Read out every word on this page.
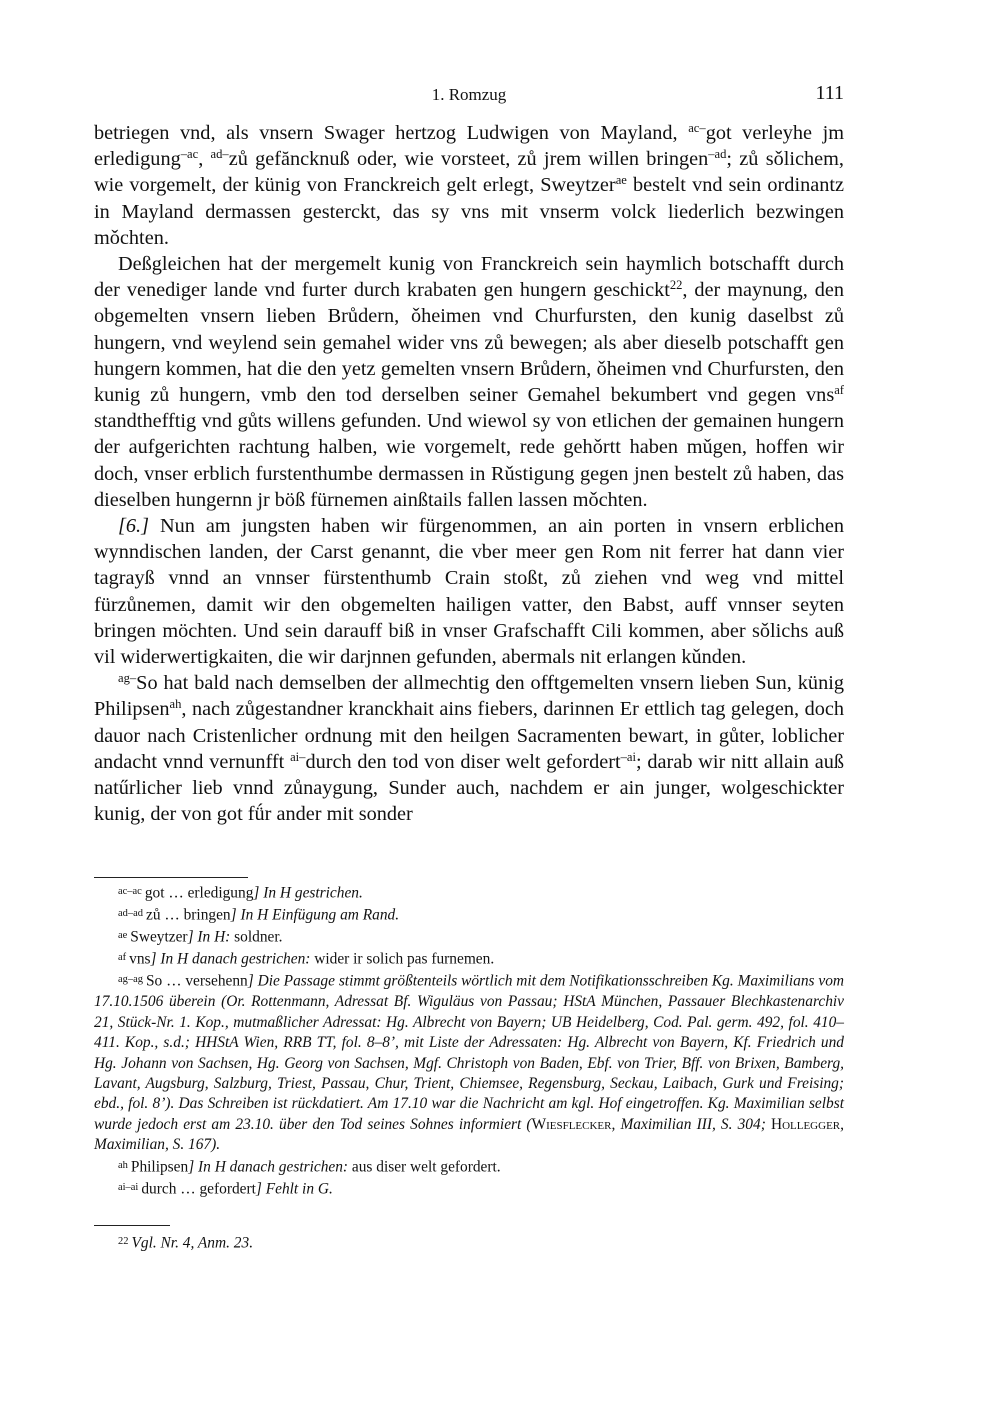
1. Romzug	111

betriegen vnd, als vnsern Swager hertzog Ludwigen von Mayland, $^{ac-}$got verleyhe jm erledigung$^{-ac}$, $^{ad-}$zů gefăncknuß oder, wie vorsteet, zů jrem willen bringen$^{-ad}$; zů sǒlichem, wie vorgemelt, der künig von Franckreich gelt erlegt, Sweytzer$^{ae}$ bestelt vnd sein ordinantz in Mayland dermassen gesterckt, das sy vns mit vnserm volck liederlich bezwingen mǒchten.

Deßgleichen hat der mergemelt kunig von Franckreich sein haymlich botschafft durch der venediger lande vnd furter durch krabaten gen hungern geschickt$^{22}$, der maynung, den obgemelten vnsern lieben Brůdern, ǒheimen vnd Churfursten, den kunig daselbst zů hungern, vnd weylend sein gemahel wider vns zů bewegen; als aber dieselb potschafft gen hungern kommen, hat die den yetz gemelten vnsern Brůdern, ǒheimen vnd Churfursten, den kunig zů hungern, vmb den tod derselben seiner Gemahel bekumbert vnd gegen vns$^{af}$ standthefftig vnd gůts willens gefunden. Und wiewol sy von etlichen der gemainen hungern der aufgerichten rachtung halben, wie vorgemelt, rede gehǒrtt haben mǔgen, hoffen wir doch, vnser erblich furstenthumbe dermassen in Rǔstigung gegen jnen bestelt zů haben, das dieselben hungernn jr böß fürnemen ainßtails fallen lassen mǒchten.

[6.] Nun am jungsten haben wir fürgenommen, an ain porten in vnsern erblichen wynndischen landen, der Carst genannt, die vber meer gen Rom nit ferrer hat dann vier tagrayß vnnd an vnnser fürstenthumb Crain stoßt, zů ziehen vnd weg vnd mittel fürzůnemen, damit wir den obgemelten hailigen vatter, den Babst, auff vnnser seyten bringen möchten. Und sein darauff biß in vnser Grafschafft Cili kommen, aber sǒlichs auß vil widerwertigkaiten, die wir darjnnen gefunden, abermals nit erlangen kǔnden.

$^{ag-}$So hat bald nach demselben der allmechtig den offtgemelten vnsern lieben Sun, künig Philipsen$^{ah}$, nach zůgestandner kranckhait ains fiebers, darinnen Er ettlich tag gelegen, doch dauor nach Cristenlicher ordnung mit den heilgen Sacramenten bewart, in gůter, loblicher andacht vnnd vernunfft $^{ai-}$durch den tod von diser welt gefordert$^{-ai}$; darab wir nitt allain auß natűrlicher lieb vnnd zůnaygung, Sunder auch, nachdem er ain junger, wolgeschickter kunig, der von got fǘr ander mit sonder

$^{ac-ac}$ got … erledigung] In H gestrichen.

$^{ad-ad}$ zů … bringen] In H Einfügung am Rand.

$^{ae}$ Sweytzer] In H: soldner.

$^{af}$ vns] In H danach gestrichen: wider ir solich pas furnemen.

$^{ag-ag}$ So … versehenn] Die Passage stimmt größtenteils wörtlich mit dem Notifikationsschreiben Kg. Maximilians vom 17.10.1506 überein (Or. Rottenmann, Adressat Bf. Wiguläus von Passau; HStA München, Passauer Blechkastenarchiv 21, Stück-Nr. 1. Kop., mutmaßlicher Adressat: Hg. Albrecht von Bayern; UB Heidelberg, Cod. Pal. germ. 492, fol. 410–411. Kop., s.d.; HHStA Wien, RRB TT, fol. 8–8’, mit Liste der Adressaten: Hg. Albrecht von Bayern, Kf. Friedrich und Hg. Johann von Sachsen, Hg. Georg von Sachsen, Mgf. Christoph von Baden, Ebf. von Trier, Bff. von Brixen, Bamberg, Lavant, Augsburg, Salzburg, Triest, Passau, Chur, Trient, Chiemsee, Regensburg, Seckau, Laibach, Gurk und Freising; ebd., fol. 8’). Das Schreiben ist rückdatiert. Am 17.10 war die Nachricht am kgl. Hof eingetroffen. Kg. Maximilian selbst wurde jedoch erst am 23.10. über den Tod seines Sohnes informiert (Wiesflecker, Maximilian III, S. 304; Hollegger, Maximilian, S. 167).

$^{ah}$ Philipsen] In H danach gestrichen: aus diser welt gefordert.

$^{ai-ai}$ durch … gefordert] Fehlt in G.

$^{22}$ Vgl. Nr. 4, Anm. 23.
